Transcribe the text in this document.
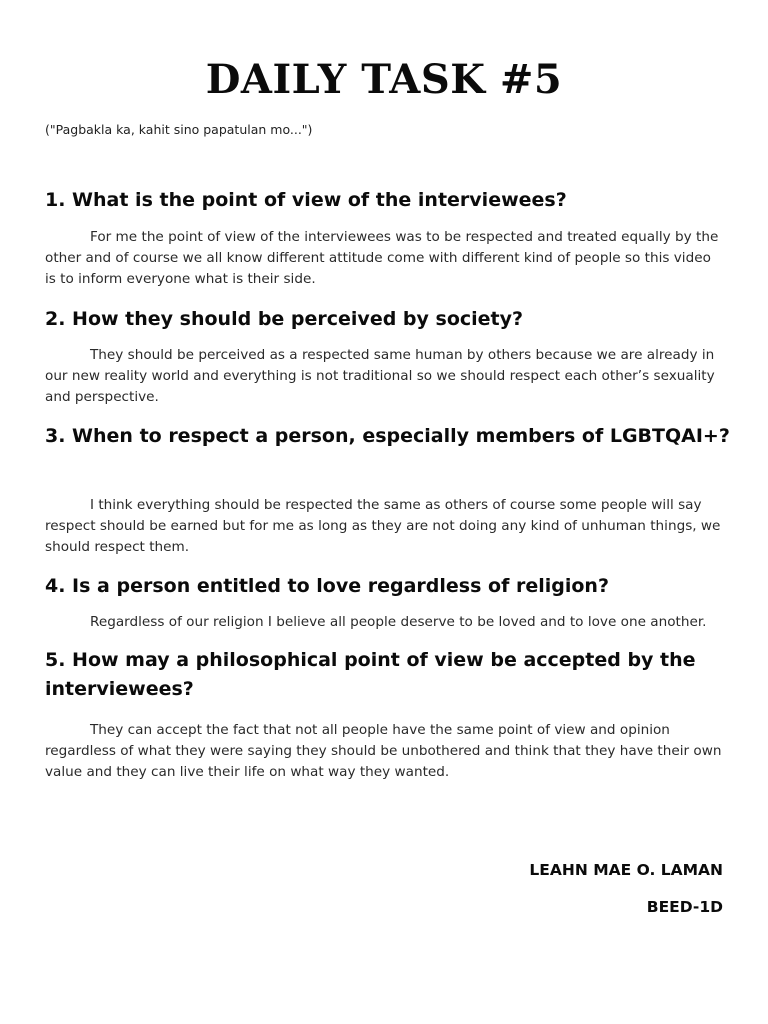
DAILY TASK #5

("Pagbakla ka, kahit sino papatulan mo...")

1. What is the point of view of the interviewees?

For me the point of view of the interviewees was to be respected and treated equally by the other and of course we all know different attitude come with different kind of people so this video is to inform everyone what is their side.

2. How they should be perceived by society?

They should be perceived as a respected same human by others because we are already in our new reality world and everything is not traditional so we should respect each other’s sexuality and perspective.

3. When to respect a person, especially members of LGBTQAI+?

I think everything should be respected the same as others of course some people will say respect should be earned but for me as long as they are not doing any kind of unhuman things, we should respect them.

4. Is a person entitled to love regardless of religion?

Regardless of our religion I believe all people deserve to be loved and to love one another.

5. How may a philosophical point of view be accepted by the interviewees?

They can accept the fact that not all people have the same point of view and opinion regardless of what they were saying they should be unbothered and think that they have their own value and they can live their life on what way they wanted.

LEAHN MAE O. LAMAN

BEED-1D
